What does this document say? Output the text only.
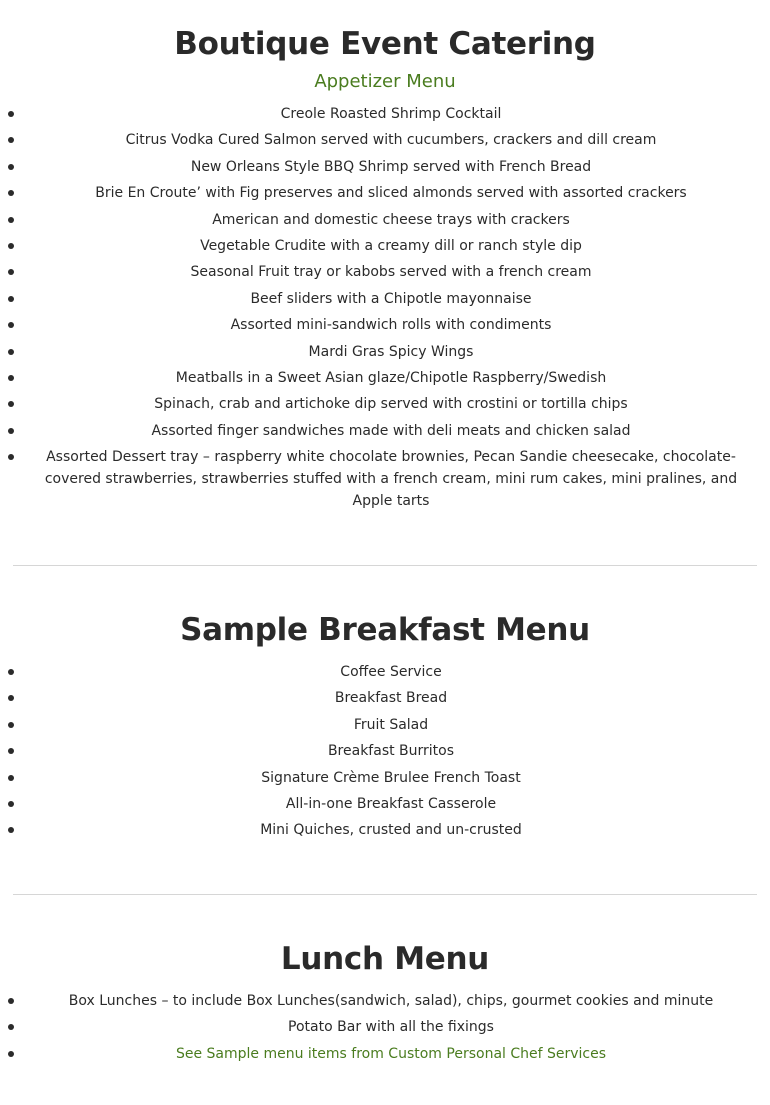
Boutique Event Catering
Appetizer Menu
Creole Roasted Shrimp Cocktail
Citrus Vodka Cured Salmon served with cucumbers, crackers and dill cream
New Orleans Style BBQ Shrimp served with French Bread
Brie En Croute’ with Fig preserves and sliced almonds served with assorted crackers
American and domestic cheese trays with crackers
Vegetable Crudite with a creamy dill or ranch style dip
Seasonal Fruit tray or kabobs served with a french cream
Beef sliders with a Chipotle mayonnaise
Assorted mini-sandwich rolls with condiments
Mardi Gras Spicy Wings
Meatballs in a Sweet Asian glaze/Chipotle Raspberry/Swedish
Spinach, crab and artichoke dip served with crostini or tortilla chips
Assorted finger sandwiches made with deli meats and chicken salad
Assorted Dessert tray – raspberry white chocolate brownies, Pecan Sandie cheesecake, chocolate-covered strawberries, strawberries stuffed with a french cream, mini rum cakes, mini pralines, and Apple tarts
Sample Breakfast Menu
Coffee Service
Breakfast Bread
Fruit Salad
Breakfast Burritos
Signature Crème Brulee French Toast
All-in-one Breakfast Casserole
Mini Quiches, crusted and un-crusted
Lunch Menu
Box Lunches – to include Box Lunches(sandwich, salad), chips, gourmet cookies and minute
Potato Bar with all the fixings
See Sample menu items from Custom Personal Chef Services
